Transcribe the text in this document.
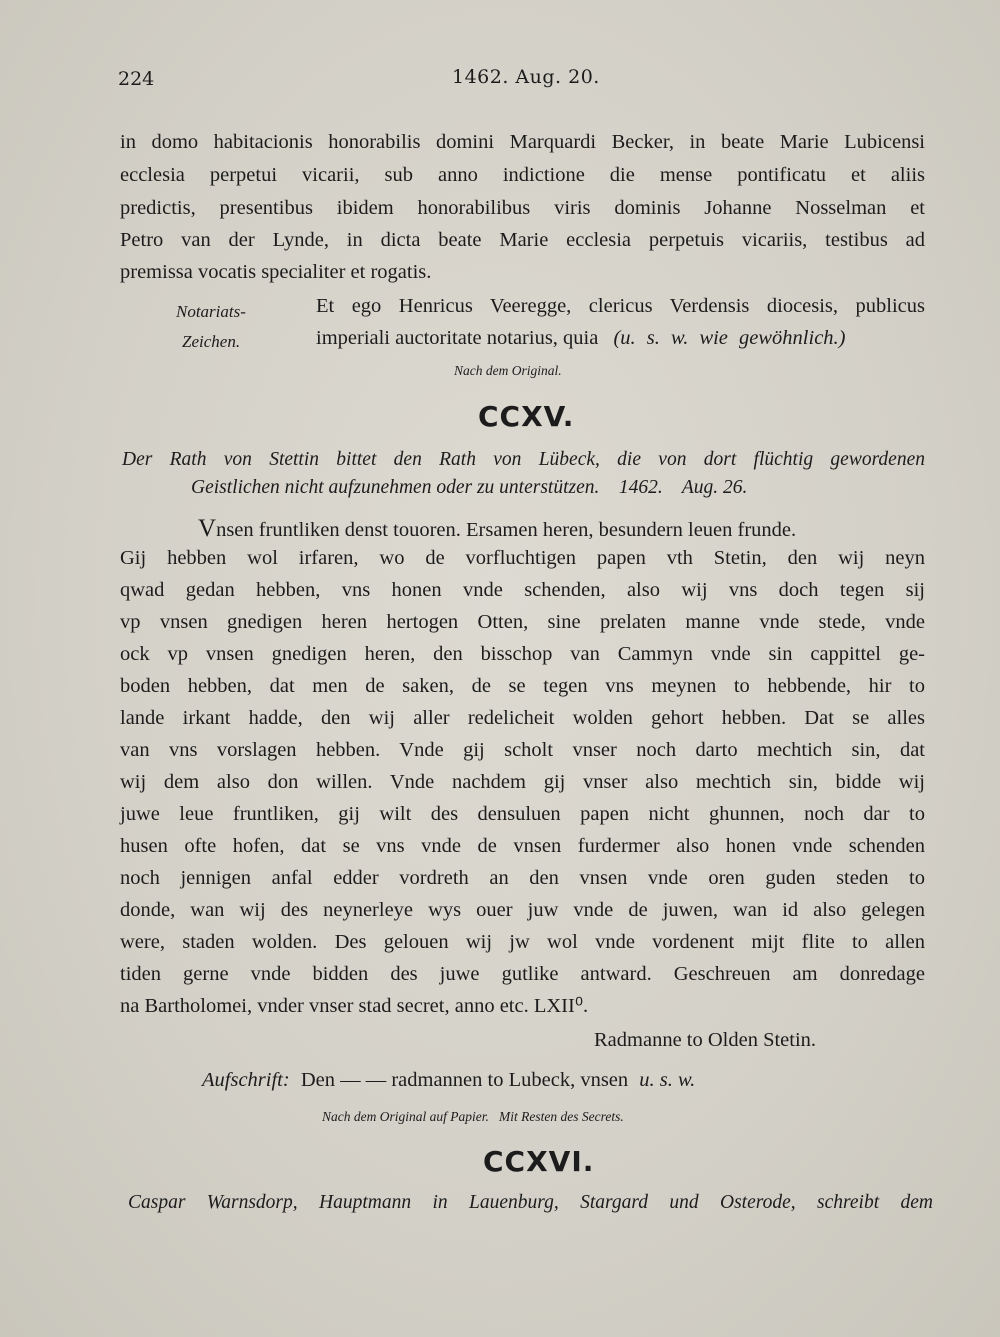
224	1462. Aug. 20.
in domo habitacionis honorabilis domini Marquardi Becker, in beate Marie Lubicensi
ecclesia perpetui vicarii, sub anno indictione die mense pontificatu et aliis
predictis, presentibus ibidem honorabilibus viris dominis Johanne Nosselman et
Petro van der Lynde, in dicta beate Marie ecclesia perpetuis vicariis, testibus ad
premissa vocatis specialiter et rogatis.
Notariats-
Zeichen.
Et ego Henricus Veeregge, clericus Verdensis diocesis, publicus
imperiali auctoritate notarius, quia (u. s. w. wie gewöhnlich.)
Nach dem Original.
CCXV.
Der Rath von Stettin bittet den Rath von Lübeck, die von dort flüchtig gewordenen
Geistlichen nicht aufzunehmen oder zu unterstützen.    1462.    Aug. 26.
Vnsen fruntliken denst touoren. Ersamen heren, besundern leuen frunde.
Gij hebben wol irfaren, wo de vorfluchtigen papen vth Stetin, den wij neyn
qwad gedan hebben, vns honen vnde schenden, also wij vns doch tegen sij
vp vnsen gnedigen heren hertogen Otten, sine prelaten manne vnde stede, vnde
ock vp vnsen gnedigen heren, den bisschop van Cammyn vnde sin cappittel ge-
boden hebben, dat men de saken, de se tegen vns meynen to hebbende, hir to
lande irkant hadde, den wij aller redelicheit wolden gehort hebben. Dat se alles
van vns vorslagen hebben. Vnde gij scholt vnser noch darto mechtich sin, dat
wij dem also don willen. Vnde nachdem gij vnser also mechtich sin, bidde wij
juwe leue fruntliken, gij wilt des densuluen papen nicht ghunnen, noch dar to
husen ofte hofen, dat se vns vnde de vnsen furdermer also honen vnde schenden
noch jennigen anfal edder vordreth an den vnsen vnde oren guden steden to
donde, wan wij des neynerleye wys ouer juw vnde de juwen, wan id also gelegen
were, staden wolden. Des gelouen wij jw wol vnde vordenent mijt flite to allen
tiden gerne vnde bidden des juwe gutlike antward. Geschreuen am donredage
na Bartholomei, vnder vnser stad secret, anno etc. LXII⁰.
Radmanne to Olden Stetin.
Aufschrift: Den — — radmannen to Lubeck, vnsen u. s. w.
Nach dem Original auf Papier.   Mit Resten des Secrets.
CCXVI.
Caspar Warnsdorp, Hauptmann in Lauenburg, Stargard und Osterode, schreibt dem
